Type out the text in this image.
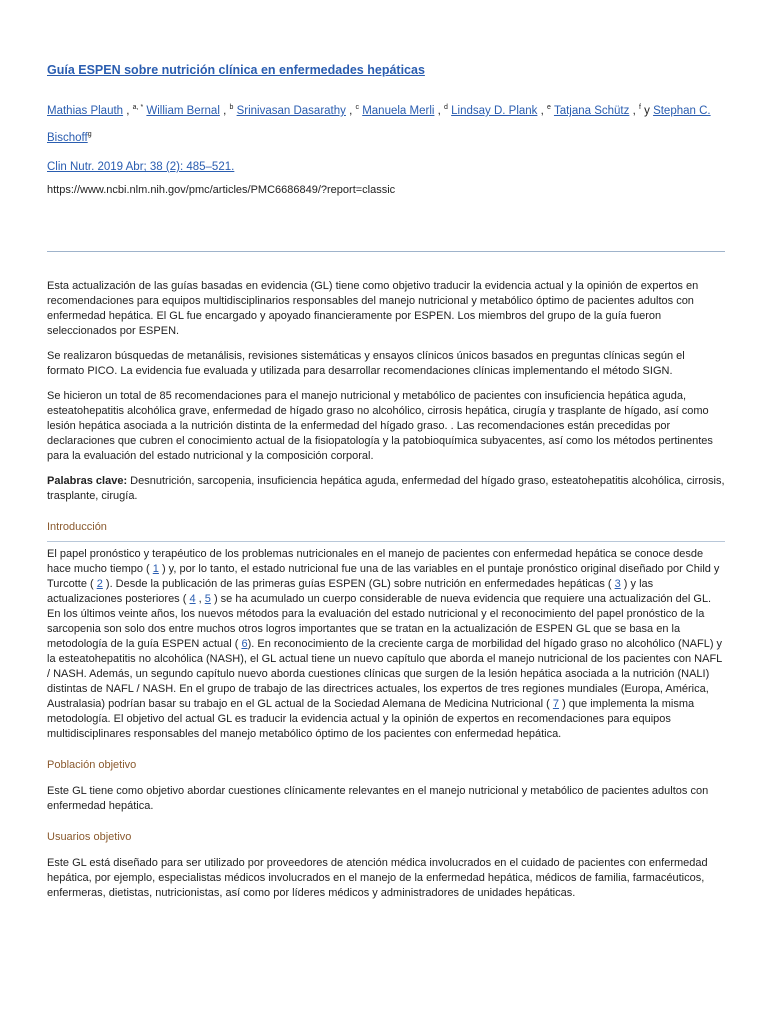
Guía ESPEN sobre nutrición clínica en enfermedades hepáticas
Mathias Plauth , $^{a, *}$ William Bernal , $^b$ Srinivasan Dasarathy , $^c$ Manuela Merli , $^d$ Lindsay D. Plank , $^e$ Tatjana Schütz , $^f$ y Stephan C. Bischoff$^g$
Clin Nutr. 2019 Abr; 38 (2): 485–521.
https://www.ncbi.nlm.nih.gov/pmc/articles/PMC6686849/?report=classic

Esta actualización de las guías basadas en evidencia (GL) tiene como objetivo traducir la evidencia actual y la opinión de expertos en recomendaciones para equipos multidisciplinarios responsables del manejo nutricional y metabólico óptimo de pacientes adultos con enfermedad hepática. El GL fue encargado y apoyado financieramente por ESPEN. Los miembros del grupo de la guía fueron seleccionados por ESPEN.

Se realizaron búsquedas de metanálisis, revisiones sistemáticas y ensayos clínicos únicos basados en preguntas clínicas según el formato PICO. La evidencia fue evaluada y utilizada para desarrollar recomendaciones clínicas implementando el método SIGN.

Se hicieron un total de 85 recomendaciones para el manejo nutricional y metabólico de pacientes con insuficiencia hepática aguda, esteatohepatitis alcohólica grave, enfermedad de hígado graso no alcohólico, cirrosis hepática, cirugía y trasplante de hígado, así como lesión hepática asociada a la nutrición distinta de la enfermedad del hígado graso. . Las recomendaciones están precedidas por declaraciones que cubren el conocimiento actual de la fisiopatología y la patobioquímica subyacentes, así como los métodos pertinentes para la evaluación del estado nutricional y la composición corporal.

Palabras clave: Desnutrición, sarcopenia, insuficiencia hepática aguda, enfermedad del hígado graso, esteatohepatitis alcohólica, cirrosis, trasplante, cirugía.

Introducción

El papel pronóstico y terapéutico de los problemas nutricionales en el manejo de pacientes con enfermedad hepática se conoce desde hace mucho tiempo ( 1 ) y, por lo tanto, el estado nutricional fue una de las variables en el puntaje pronóstico original diseñado por Child y Turcotte ( 2 ). Desde la publicación de las primeras guías ESPEN (GL) sobre nutrición en enfermedades hepáticas ( 3 ) y las actualizaciones posteriores ( 4 , 5 ) se ha acumulado un cuerpo considerable de nueva evidencia que requiere una actualización del GL. En los últimos veinte años, los nuevos métodos para la evaluación del estado nutricional y el reconocimiento del papel pronóstico de la sarcopenia son solo dos entre muchos otros logros importantes que se tratan en la actualización de ESPEN GL que se basa en la metodología de la guía ESPEN actual ( 6). En reconocimiento de la creciente carga de morbilidad del hígado graso no alcohólico (NAFL) y la esteatohepatitis no alcohólica (NASH), el GL actual tiene un nuevo capítulo que aborda el manejo nutricional de los pacientes con NAFL / NASH. Además, un segundo capítulo nuevo aborda cuestiones clínicas que surgen de la lesión hepática asociada a la nutrición (NALI) distintas de NAFL / NASH. En el grupo de trabajo de las directrices actuales, los expertos de tres regiones mundiales (Europa, América, Australasia) podrían basar su trabajo en el GL actual de la Sociedad Alemana de Medicina Nutricional ( 7 ) que implementa la misma metodología. El objetivo del actual GL es traducir la evidencia actual y la opinión de expertos en recomendaciones para equipos multidisciplinares responsables del manejo metabólico óptimo de los pacientes con enfermedad hepática.

Población objetivo

Este GL tiene como objetivo abordar cuestiones clínicamente relevantes en el manejo nutricional y metabólico de pacientes adultos con enfermedad hepática.

Usuarios objetivo

Este GL está diseñado para ser utilizado por proveedores de atención médica involucrados en el cuidado de pacientes con enfermedad hepática, por ejemplo, especialistas médicos involucrados en el manejo de la enfermedad hepática, médicos de familia, farmacéuticos, enfermeras, dietistas, nutricionistas, así como por líderes médicos y administradores de unidades hepáticas.
